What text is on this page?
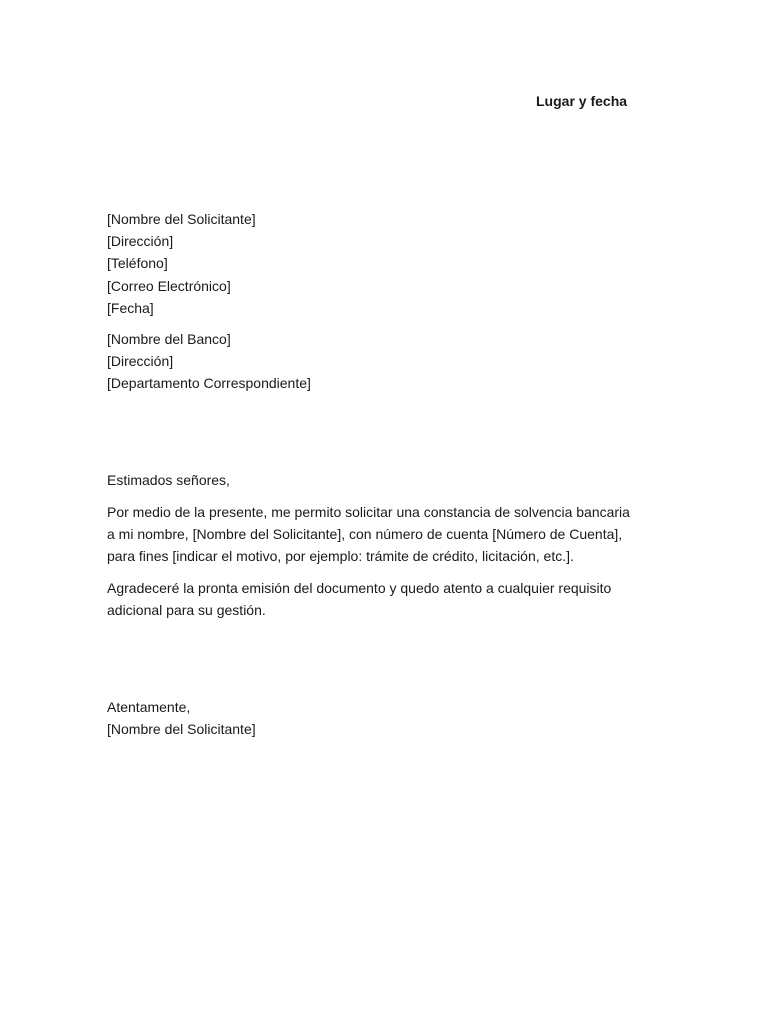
Lugar y fecha
[Nombre del Solicitante]
[Dirección]
[Teléfono]
[Correo Electrónico]
[Fecha]
[Nombre del Banco]
[Dirección]
[Departamento Correspondiente]
Estimados señores,
Por medio de la presente, me permito solicitar una constancia de solvencia bancaria
a mi nombre, [Nombre del Solicitante], con número de cuenta [Número de Cuenta],
para fines [indicar el motivo, por ejemplo: trámite de crédito, licitación, etc.].
Agradeceré la pronta emisión del documento y quedo atento a cualquier requisito
adicional para su gestión.
Atentamente,
[Nombre del Solicitante]
